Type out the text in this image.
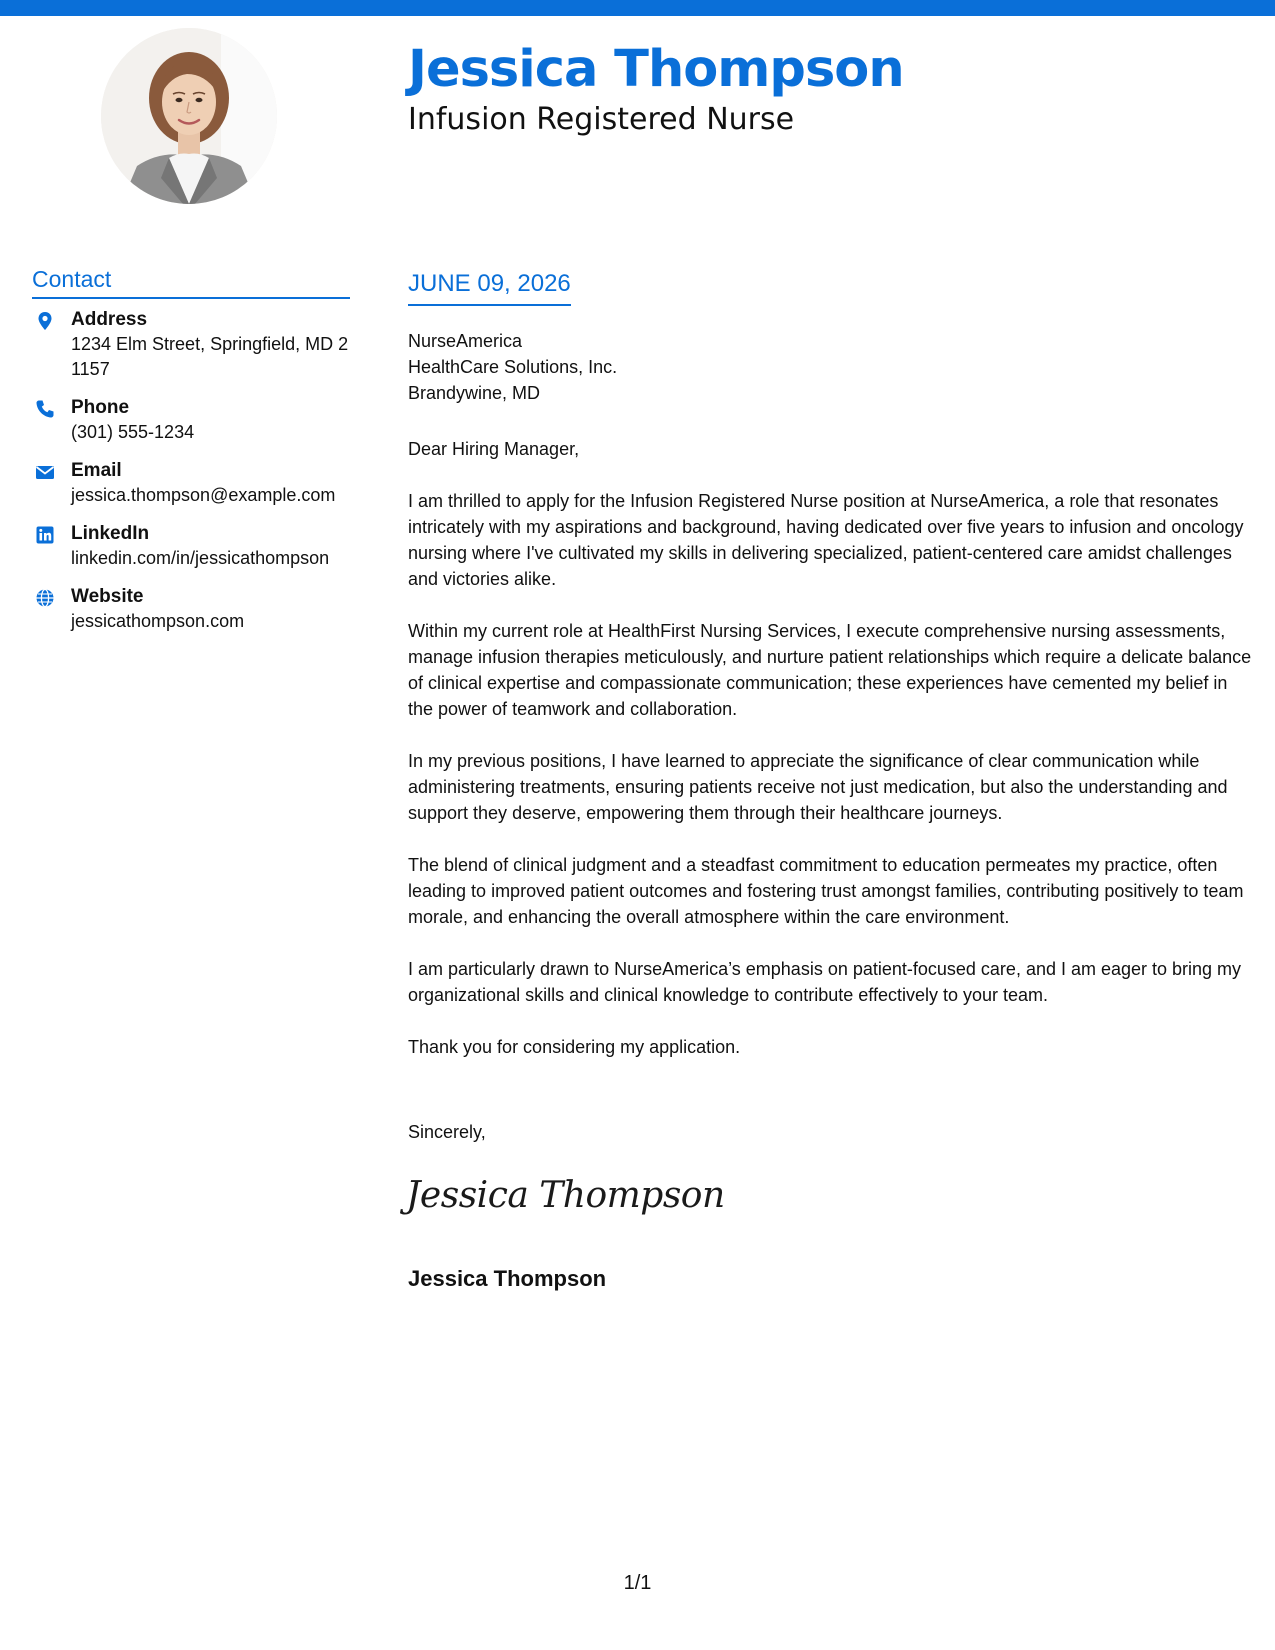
Jessica Thompson
Infusion Registered Nurse
Contact
Address
1234 Elm Street, Springfield, MD 21157
Phone
(301) 555-1234
Email
jessica.thompson@example.com
LinkedIn
linkedin.com/in/jessicathompson
Website
jessicathompson.com
JUNE 09, 2026
NurseAmerica
HealthCare Solutions, Inc.
Brandywine, MD

Dear Hiring Manager,

I am thrilled to apply for the Infusion Registered Nurse position at NurseAmerica, a role that resonates intricately with my aspirations and background, having dedicated over five years to infusion and oncology nursing where I've cultivated my skills in delivering specialized, patient-centered care amidst challenges and victories alike.

Within my current role at HealthFirst Nursing Services, I execute comprehensive nursing assessments, manage infusion therapies meticulously, and nurture patient relationships which require a delicate balance of clinical expertise and compassionate communication; these experiences have cemented my belief in the power of teamwork and collaboration.

In my previous positions, I have learned to appreciate the significance of clear communication while administering treatments, ensuring patients receive not just medication, but also the understanding and support they deserve, empowering them through their healthcare journeys.

The blend of clinical judgment and a steadfast commitment to education permeates my practice, often leading to improved patient outcomes and fostering trust amongst families, contributing positively to team morale, and enhancing the overall atmosphere within the care environment.

I am particularly drawn to NurseAmerica’s emphasis on patient-focused care, and I am eager to bring my organizational skills and clinical knowledge to contribute effectively to your team.

Thank you for considering my application.

Sincerely,
Jessica Thompson
Jessica Thompson
1/1
